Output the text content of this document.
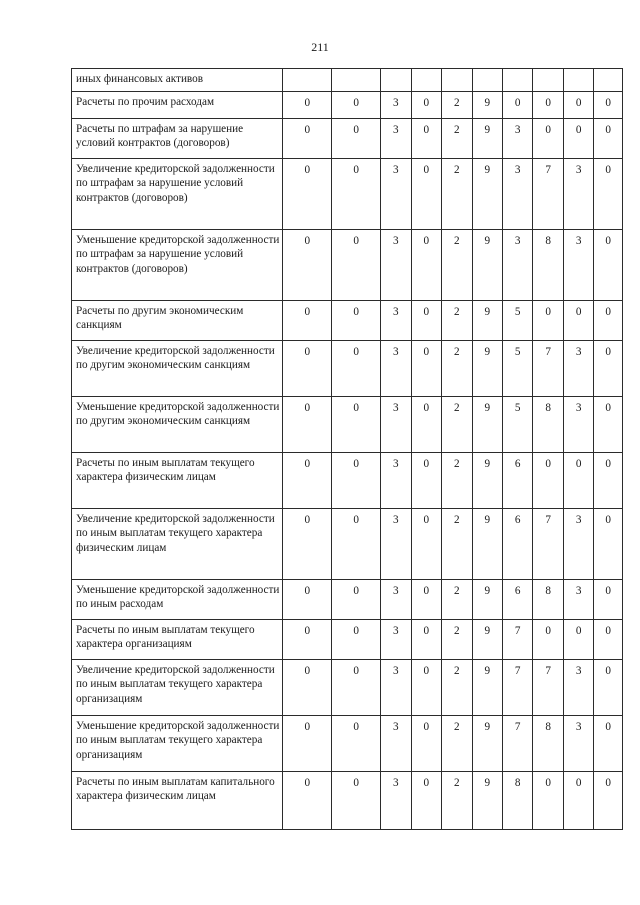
211
иных финансовых активов										
Расчеты по прочим расходам	0	0	3	0	2	9	0	0	0	0
Расчеты по штрафам за нарушение условий контрактов (договоров)	0	0	3	0	2	9	3	0	0	0
Увеличение кредиторской задолженности по штрафам за нарушение условий контрактов (договоров)	0	0	3	0	2	9	3	7	3	0
Уменьшение кредиторской задолженности по штрафам за нарушение условий контрактов (договоров)	0	0	3	0	2	9	3	8	3	0
Расчеты по другим экономическим санкциям	0	0	3	0	2	9	5	0	0	0
Увеличение кредиторской задолженности по другим экономическим санкциям	0	0	3	0	2	9	5	7	3	0
Уменьшение кредиторской задолженности по другим экономическим санкциям	0	0	3	0	2	9	5	8	3	0
Расчеты по иным выплатам текущего характера физическим лицам	0	0	3	0	2	9	6	0	0	0
Увеличение кредиторской задолженности по иным выплатам текущего характера физическим лицам	0	0	3	0	2	9	6	7	3	0
Уменьшение кредиторской задолженности по иным расходам	0	0	3	0	2	9	6	8	3	0
Расчеты по иным выплатам текущего характера организациям	0	0	3	0	2	9	7	0	0	0
Увеличение кредиторской задолженности по иным выплатам текущего характера организациям	0	0	3	0	2	9	7	7	3	0
Уменьшение кредиторской задолженности по иным выплатам текущего характера организациям	0	0	3	0	2	9	7	8	3	0
Расчеты по иным выплатам капитального характера физическим лицам	0	0	3	0	2	9	8	0	0	0
